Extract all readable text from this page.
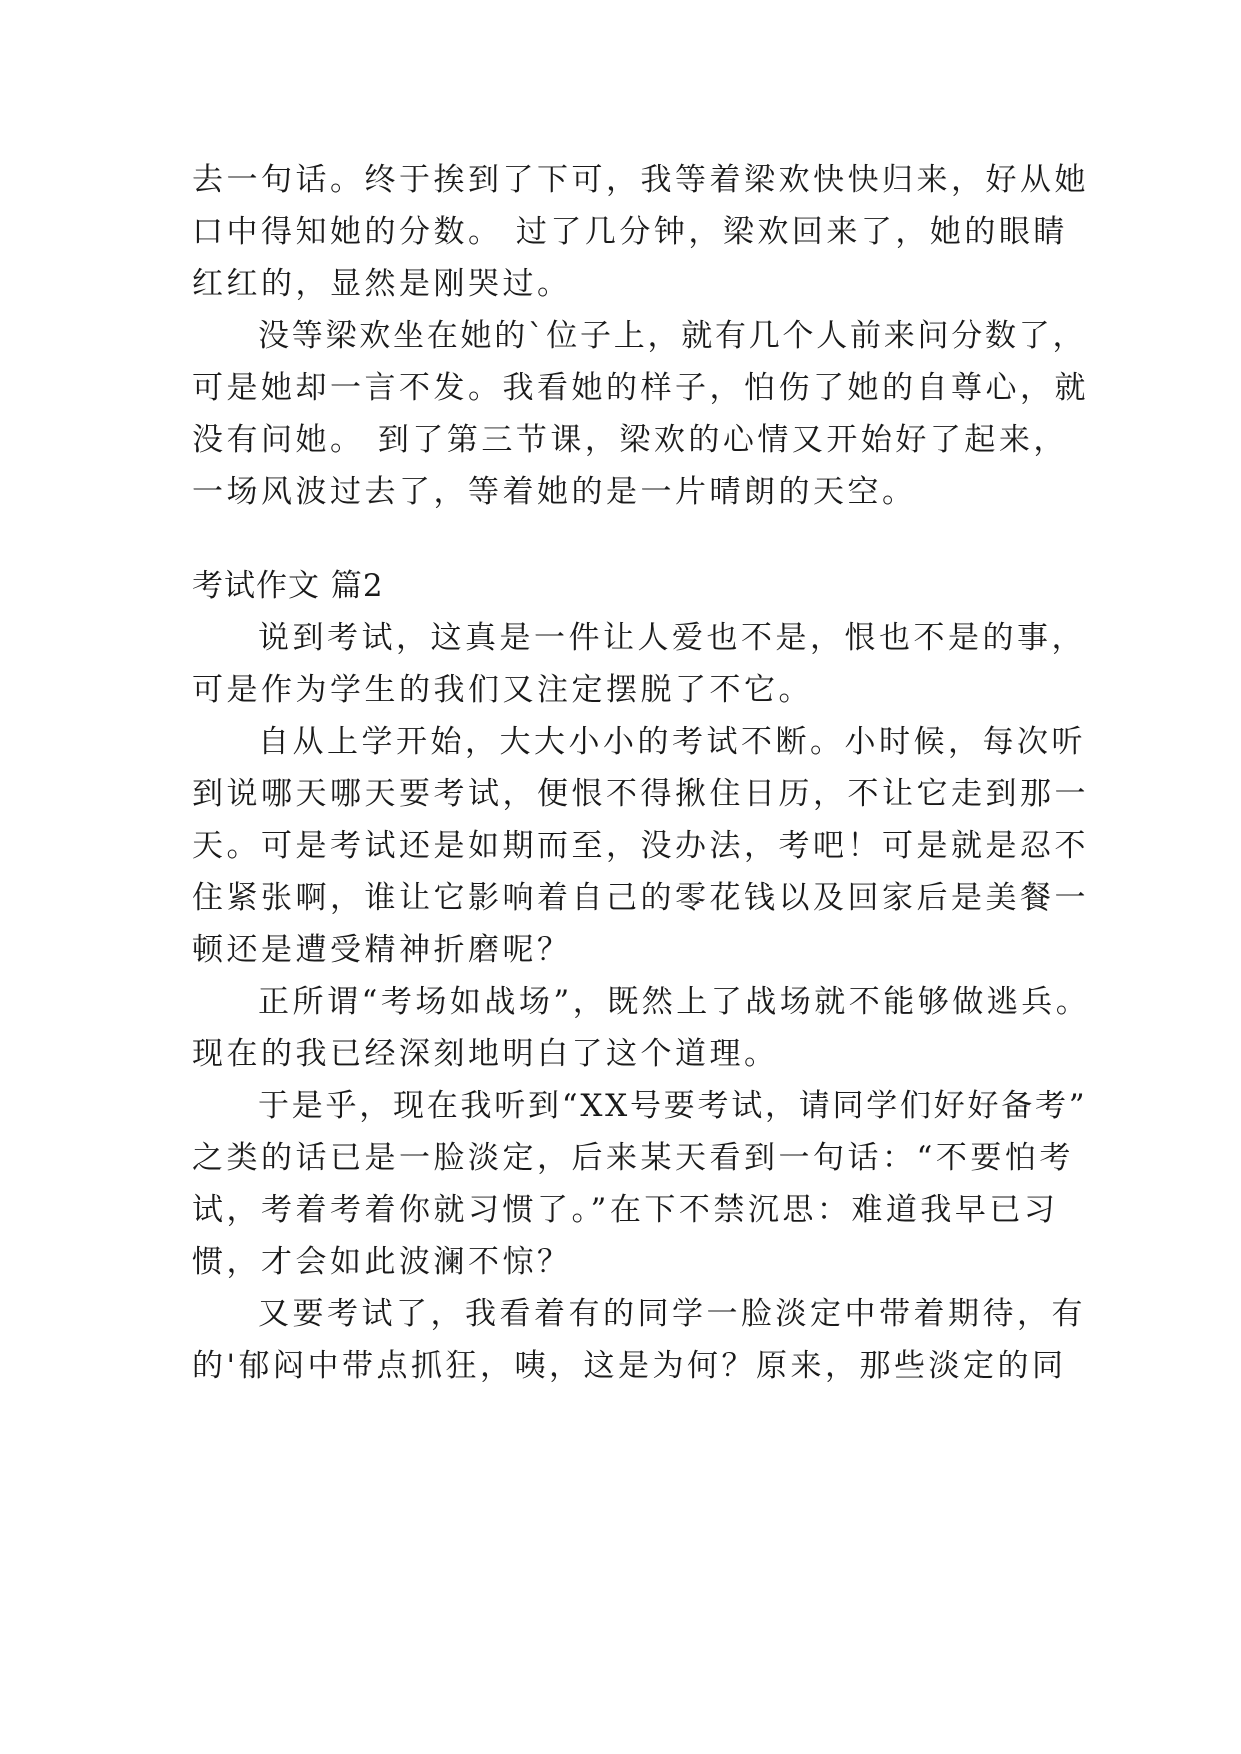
去一句话。终于挨到了下可，我等着梁欢快快归来，好从她
口中得知她的分数。 过了几分钟，梁欢回来了，她的眼睛
红红的，显然是刚哭过。
没等梁欢坐在她的`位子上，就有几个人前来问分数了，
可是她却一言不发。我看她的样子，怕伤了她的自尊心，就
没有问她。 到了第三节课，梁欢的心情又开始好了起来，
一场风波过去了，等着她的是一片晴朗的天空。
考试作文 篇2
说到考试，这真是一件让人爱也不是，恨也不是的事，
可是作为学生的我们又注定摆脱了不它。
自从上学开始，大大小小的考试不断。小时候，每次听
到说哪天哪天要考试，便恨不得揪住日历，不让它走到那一
天。可是考试还是如期而至，没办法，考吧！可是就是忍不
住紧张啊，谁让它影响着自己的零花钱以及回家后是美餐一
顿还是遭受精神折磨呢？
正所谓“考场如战场”，既然上了战场就不能够做逃兵。
现在的我已经深刻地明白了这个道理。
于是乎，现在我听到“XX号要考试，请同学们好好备考”
之类的话已是一脸淡定，后来某天看到一句话：“不要怕考
试，考着考着你就习惯了。”在下不禁沉思：难道我早已习
惯，才会如此波澜不惊？
又要考试了，我看着有的同学一脸淡定中带着期待，有
的'郁闷中带点抓狂，咦，这是为何？原来，那些淡定的同
